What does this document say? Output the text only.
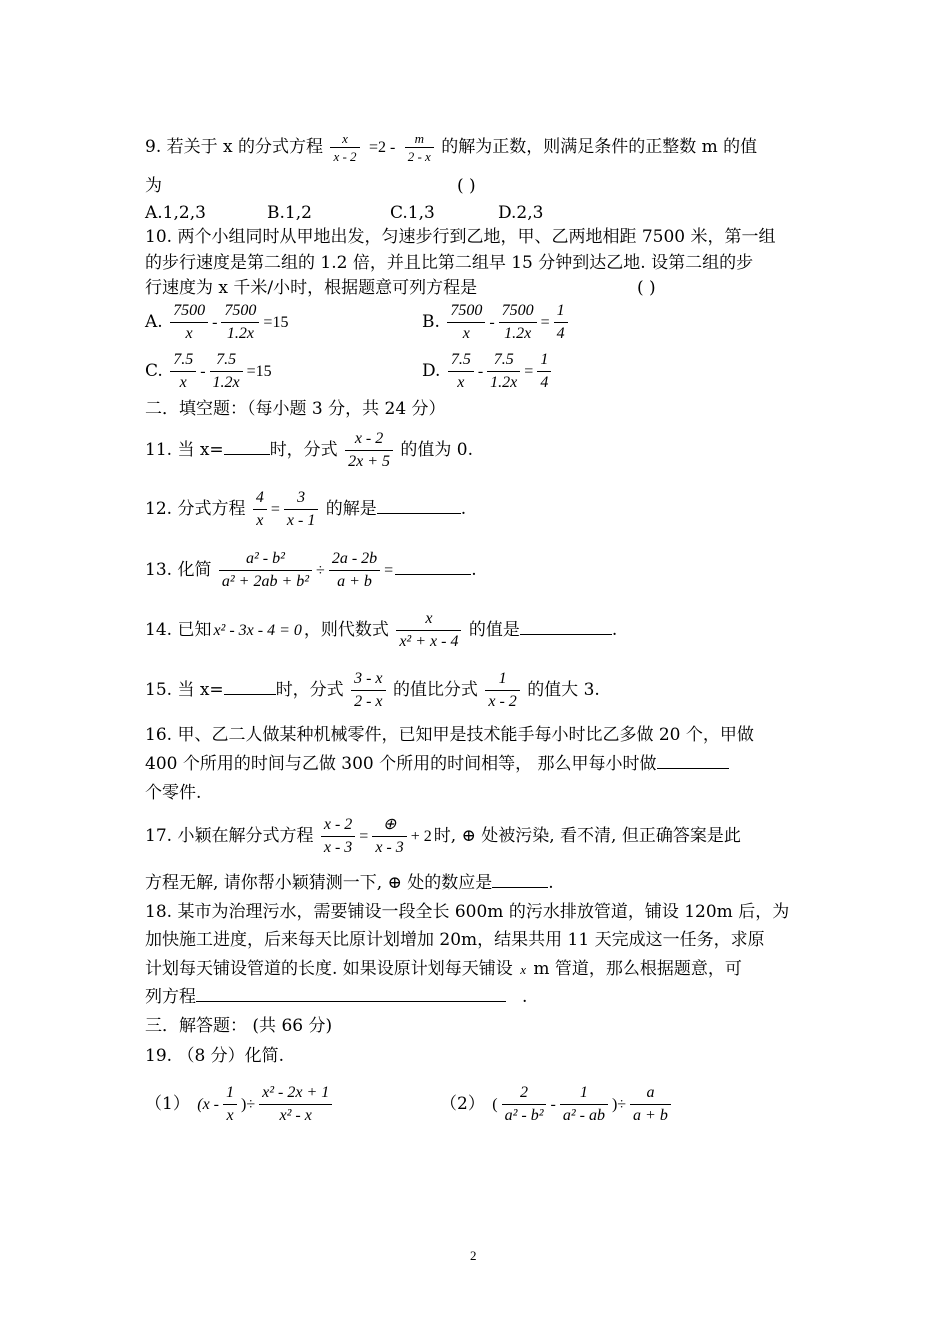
9. 若关于 x 的分式方程 $\frac{x}{x - 2} =2 - \frac{m}{2 - x}$ 的解为正数，则满足条件的正整数 m 的值
为	( )
A.1,2,3	B.1,2	C.1,3	D.2,3
10. 两个小组同时从甲地出发，匀速步行到乙地，甲、乙两地相距 7500 米，第一组
的步行速度是第二组的 1.2 倍，并且比第二组早 15 分钟到达乙地. 设第二组的步
行速度为 x 千米/小时，根据题意可列方程是	( )
A. $\frac{7500}{x} - \frac{7500}{1.2x} =15$	B. $\frac{7500}{x} - \frac{7500}{1.2x} = \frac{1}{4}$
C. $\frac{7.5}{x} - \frac{7.5}{1.2x} =15$	D. $\frac{7.5}{x} - \frac{7.5}{1.2x} = \frac{1}{4}$
二．填空题：（每小题 3 分，共 24 分）
11. 当 x=	时，分式 $\frac{x - 2}{2x + 5}$ 的值为 0.
12. 分式方程 $\frac{4}{x} = \frac{3}{x - 1}$ 的解是	.
13. 化简 $\frac{\text{a² - b²}}{\text{a² + 2ab + b²}} \div \frac{2a - 2b}{a + b}$ =	.
14. 已知 x² - 3x - 4 = 0 ，则代数式 $\frac{x}{\text{x² + x - 4}}$ 的值是	.
15. 当 x=	时，分式 $\frac{3 - x}{2 - x}$ 的值比分式 $\frac{1}{x - 2}$ 的值大 3.
16. 甲、乙二人做某种机械零件，已知甲是技术能手每小时比乙多做 20 个，甲做
400 个所用的时间与乙做 300 个所用的时间相等， 那么甲每小时做
个零件.
17. 小颖在解分式方程 $\frac{x - 2}{x - 3} = \frac{\oplus}{x - 3} + 2$ 时, ⊕ 处被污染, 看不清, 但正确答案是此
方程无解, 请你帮小颖猜测一下, ⊕ 处的数应是	.
18. 某市为治理污水，需要铺设一段全长 600m 的污水排放管道，铺设 120m 后，为
加快施工进度，后来每天比原计划增加 20m，结果共用 11 天完成这一任务，求原
计划每天铺设管道的长度. 如果设原计划每天铺设 x m 管道，那么根据题意，可
列方程	.
三．解答题： (共 66 分)
19. （8 分）化简.
（1） ($x - \frac{1}{x}$ )÷ $\frac{\text{x² - 2x + 1}}{\text{x² - x}}$	（2） ( $\frac{2}{\text{a² - b²}} - \frac{1}{\text{a² - ab}}$ )÷ $\frac{a}{a + b}$
2
